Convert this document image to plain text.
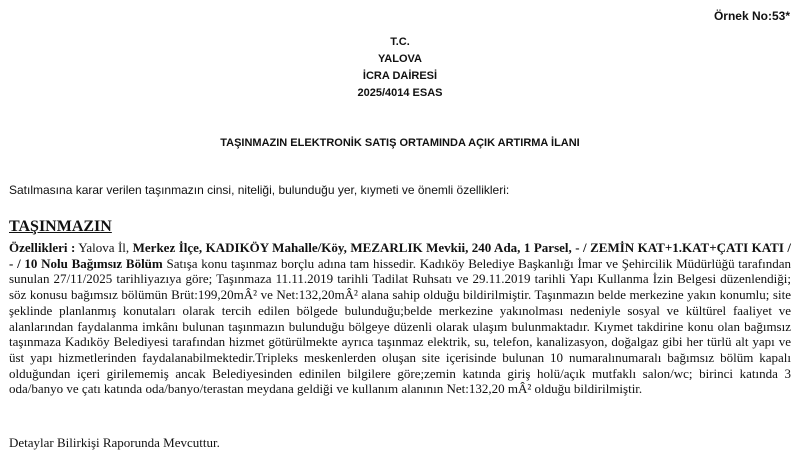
Örnek No:53*
T.C.
YALOVA
İCRA DAİRESİ
2025/4014 ESAS
TAŞINMAZIN ELEKTRONİK SATIŞ ORTAMINDA AÇIK ARTIRMA İLANI
Satılmasına karar verilen taşınmazın cinsi, niteliği, bulunduğu yer, kıymeti ve önemli özellikleri:
TAŞINMAZIN

Özellikleri : Yalova İl, Merkez İlçe, KADIKÖY Mahalle/Köy, MEZARLIK Mevkii, 240 Ada, 1 Parsel, - / ZEMİN KAT+1.KAT+ÇATI KATI / - / 10 Nolu Bağımsız Bölüm Satışa konu taşınmaz borçlu adına tam hissedir. Kadıköy Belediye Başkanlığı İmar ve Şehircilik Müdürlüğü tarafından sunulan 27/11/2025 tarihliyazıya göre; Taşınmaza 11.11.2019 tarihli Tadilat Ruhsatı ve 29.11.2019 tarihli Yapı Kullanma İzin Belgesi düzenlendiği; söz konusu bağımsız bölümün Brüt:199,20mÂ² ve Net:132,20mÂ² alana sahip olduğu bildirilmiştir. Taşınmazın belde merkezine yakın konumlu; site şeklinde planlanmış konutaları olarak tercih edilen bölgede bulunduğu;belde merkezine yakınolması nedeniyle sosyal ve kültürel faaliyet ve alanlarından faydalanma imkânı bulunan taşınmazın bulunduğu bölgeye düzenli olarak ulaşım bulunmaktadır. Kıymet takdirine konu olan bağımsız taşınmaza Kadıköy Belediyesi tarafından hizmet götürülmekte ayrıca taşınmaz elektrik, su, telefon, kanalizasyon, doğalgaz gibi her türlü alt yapı ve üst yapı hizmetlerinden faydalanabilmektedir.Tripleks meskenlerden oluşan site içerisinde bulunan 10 numaralınumaralı bağımsız bölüm kapalı olduğundan içeri girilememiş ancak Belediyesinden edinilen bilgilere göre;zemin katında giriş holü/açık mutfaklı salon/wc; birinci katında 3 oda/banyo ve çatı katında oda/banyo/terastan meydana geldiği ve kullanım alanının Net:132,20 mÂ² olduğu bildirilmiştir.

Detaylar Bilirkişi Raporunda Mevcuttur.
